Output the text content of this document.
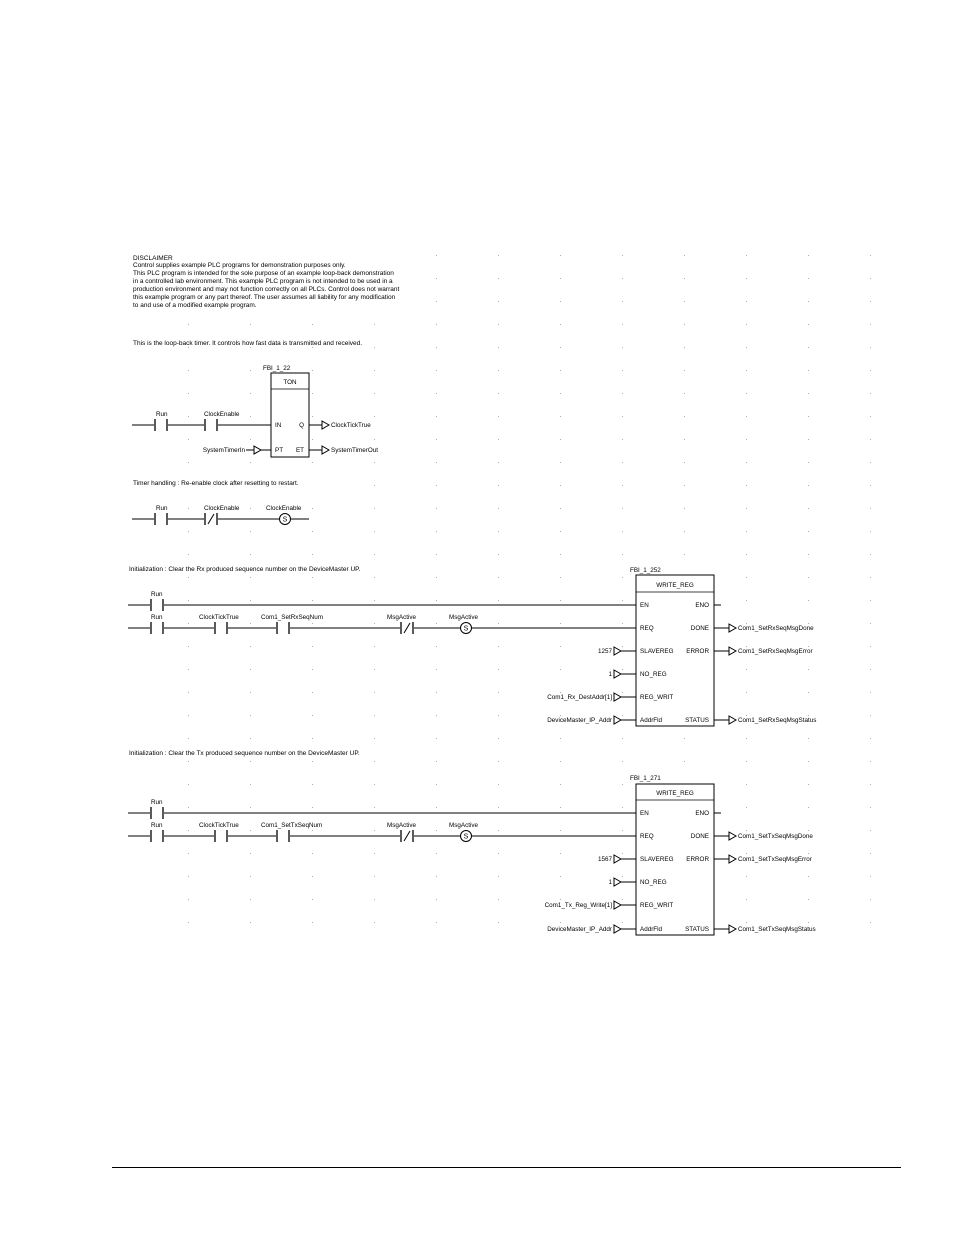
DISCLAIMER
Control supplies example PLC programs for demonstration purposes only.
This PLC program is intended for the sole purpose of an example loop-back demonstration
in a controlled lab environment. This example PLC program is not intended to be used in a
production environment and may not function correctly on all PLCs. Control does not warrant
this example program or any part thereof. The user assumes all liability for any modification
to and use of a modified example program.
This is the loop-back timer. It controls how fast data is transmitted and received.
Run	ClockEnable
FBI_1_22
TON
IN
PT
Q
ET
SystemTimerIn
ClockTickTrue
SystemTimerOut
Timer handling : Re-enable clock after resetting to restart.
Run	ClockEnable	ClockEnable
S
Initialization : Clear the Rx produced sequence number on the DeviceMaster UP.
Run
Run	ClockTickTrue	Com1_SetRxSeqNum	MsgActive	MsgActive
S
FBI_1_252
WRITE_REG
EN
REQ
SLAVEREG
NO_REG
REG_WRIT
AddrFld
ENO
DONE
ERROR
STATUS
1257
1
Com1_Rx_DestAddr[1]
DeviceMaster_IP_Addr
Com1_SetRxSeqMsgDone
Com1_SetRxSeqMsgError
Com1_SetRxSeqMsgStatus
Initialization : Clear the Tx produced sequence number on the DeviceMaster UP.
Run
Run	ClockTickTrue	Com1_SetTxSeqNum	MsgActive	MsgActive
S
FBI_1_271
WRITE_REG
EN
REQ
SLAVEREG
NO_REG
REG_WRIT
AddrFld
ENO
DONE
ERROR
STATUS
1567
1
Com1_Tx_Reg_Write[1]
DeviceMaster_IP_Addr
Com1_SetTxSeqMsgDone
Com1_SetTxSeqMsgError
Com1_SetTxSeqMsgStatus
